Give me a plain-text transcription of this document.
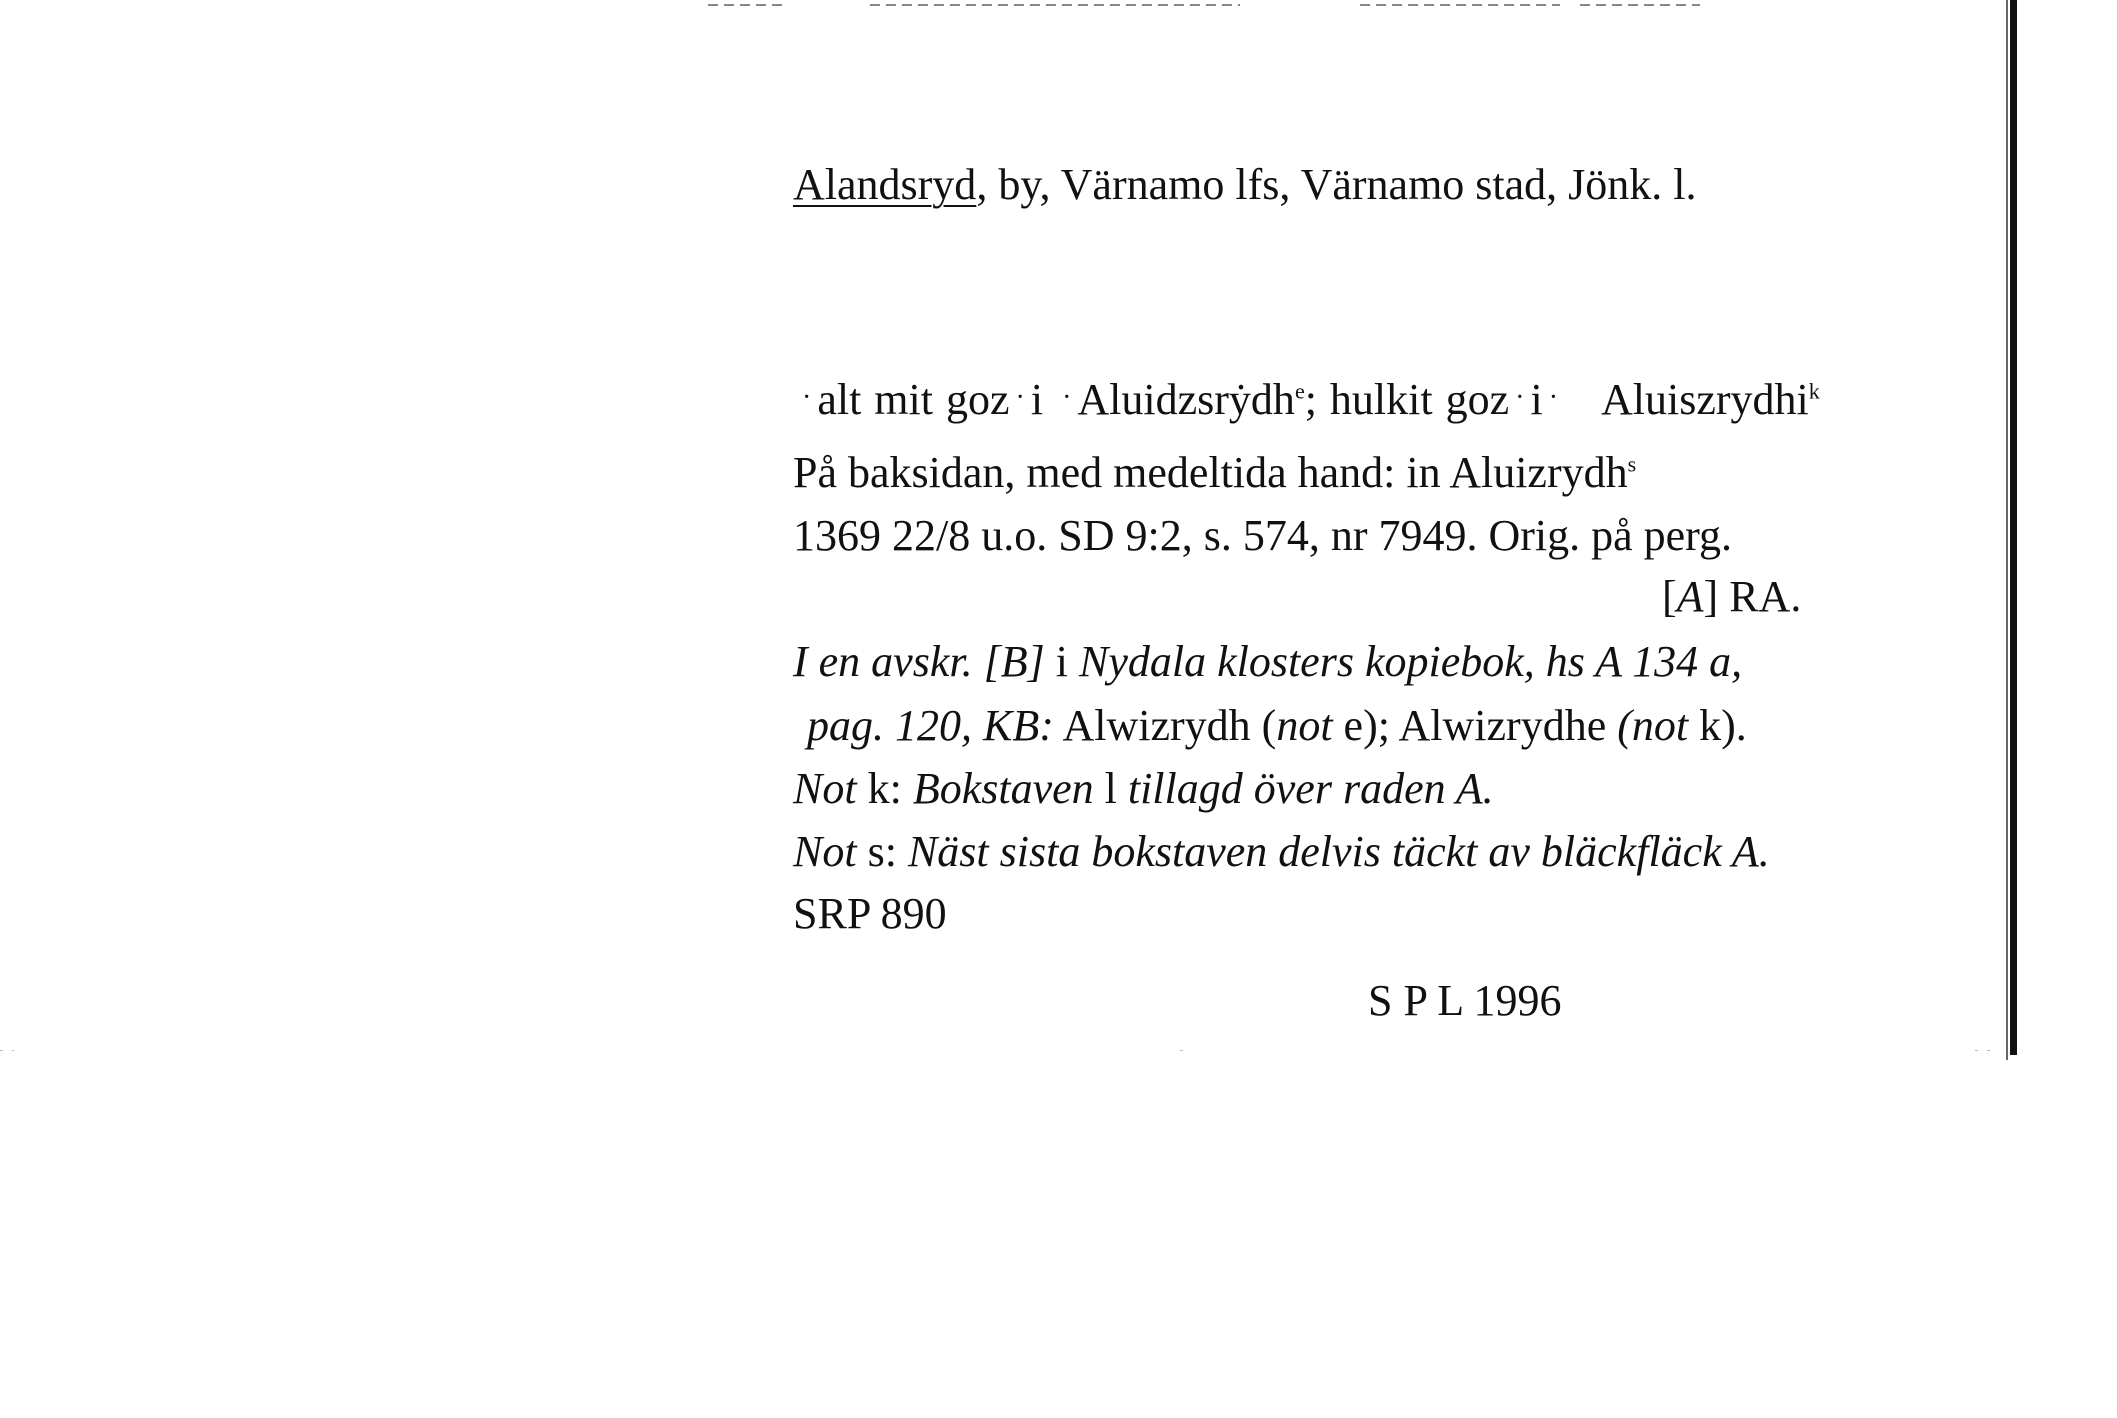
Alandsryd, by, Värnamo lfs, Värnamo stad, Jönk. l.
· alt mit goz · i · Aluidzsrẏdh$^e$; hulkit goz · i · Aluiszrydhi$^k$
På baksidan, med medeltida hand: in Aluizrydh$^s$
1369 22/8 u.o. SD 9:2, s. 574, nr 7949. Orig. på perg.
[A] RA.
I en avskr. [B] i Nydala klosters kopiebok, hs A 134 a,
pag. 120, KB: Alwizrydh (not e); Alwizrydhe (not k).
Not k: Bokstaven l tillagd över raden A.
Not s: Näst sista bokstaven delvis täckt av bläckfläck A.
SRP 890
S P L 1996
